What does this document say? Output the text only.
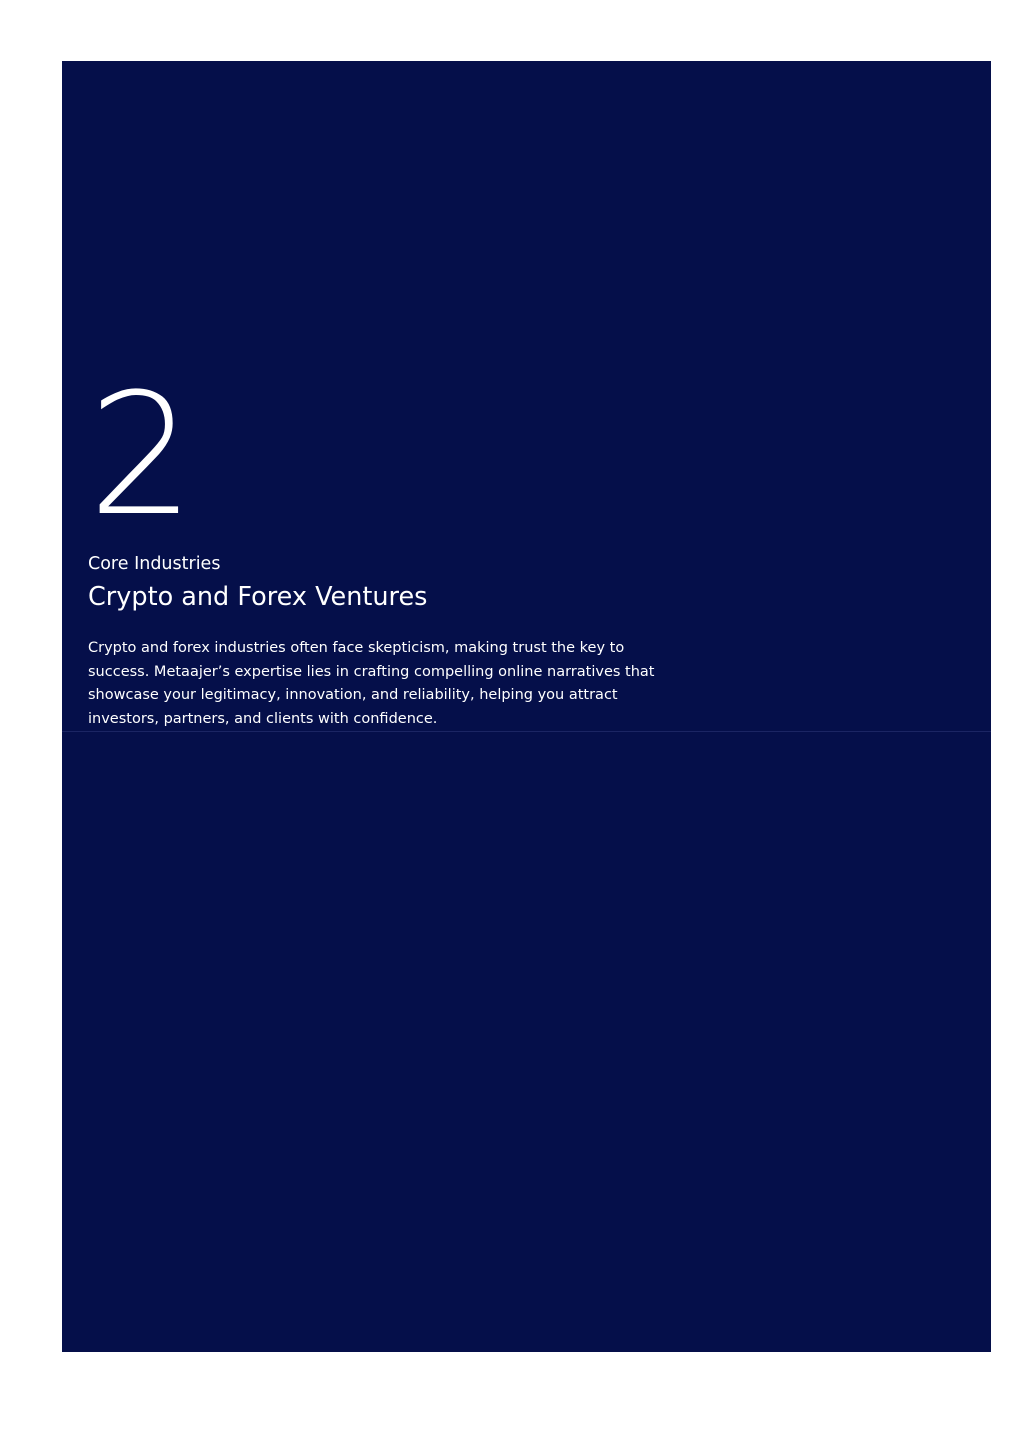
2
Core Industries
Crypto and Forex Ventures

Crypto and forex industries often face skepticism, making trust the key to success. Metaajer’s expertise lies in crafting compelling online narratives that showcase your legitimacy, innovation, and reliability, helping you attract investors, partners, and clients with confidence.
